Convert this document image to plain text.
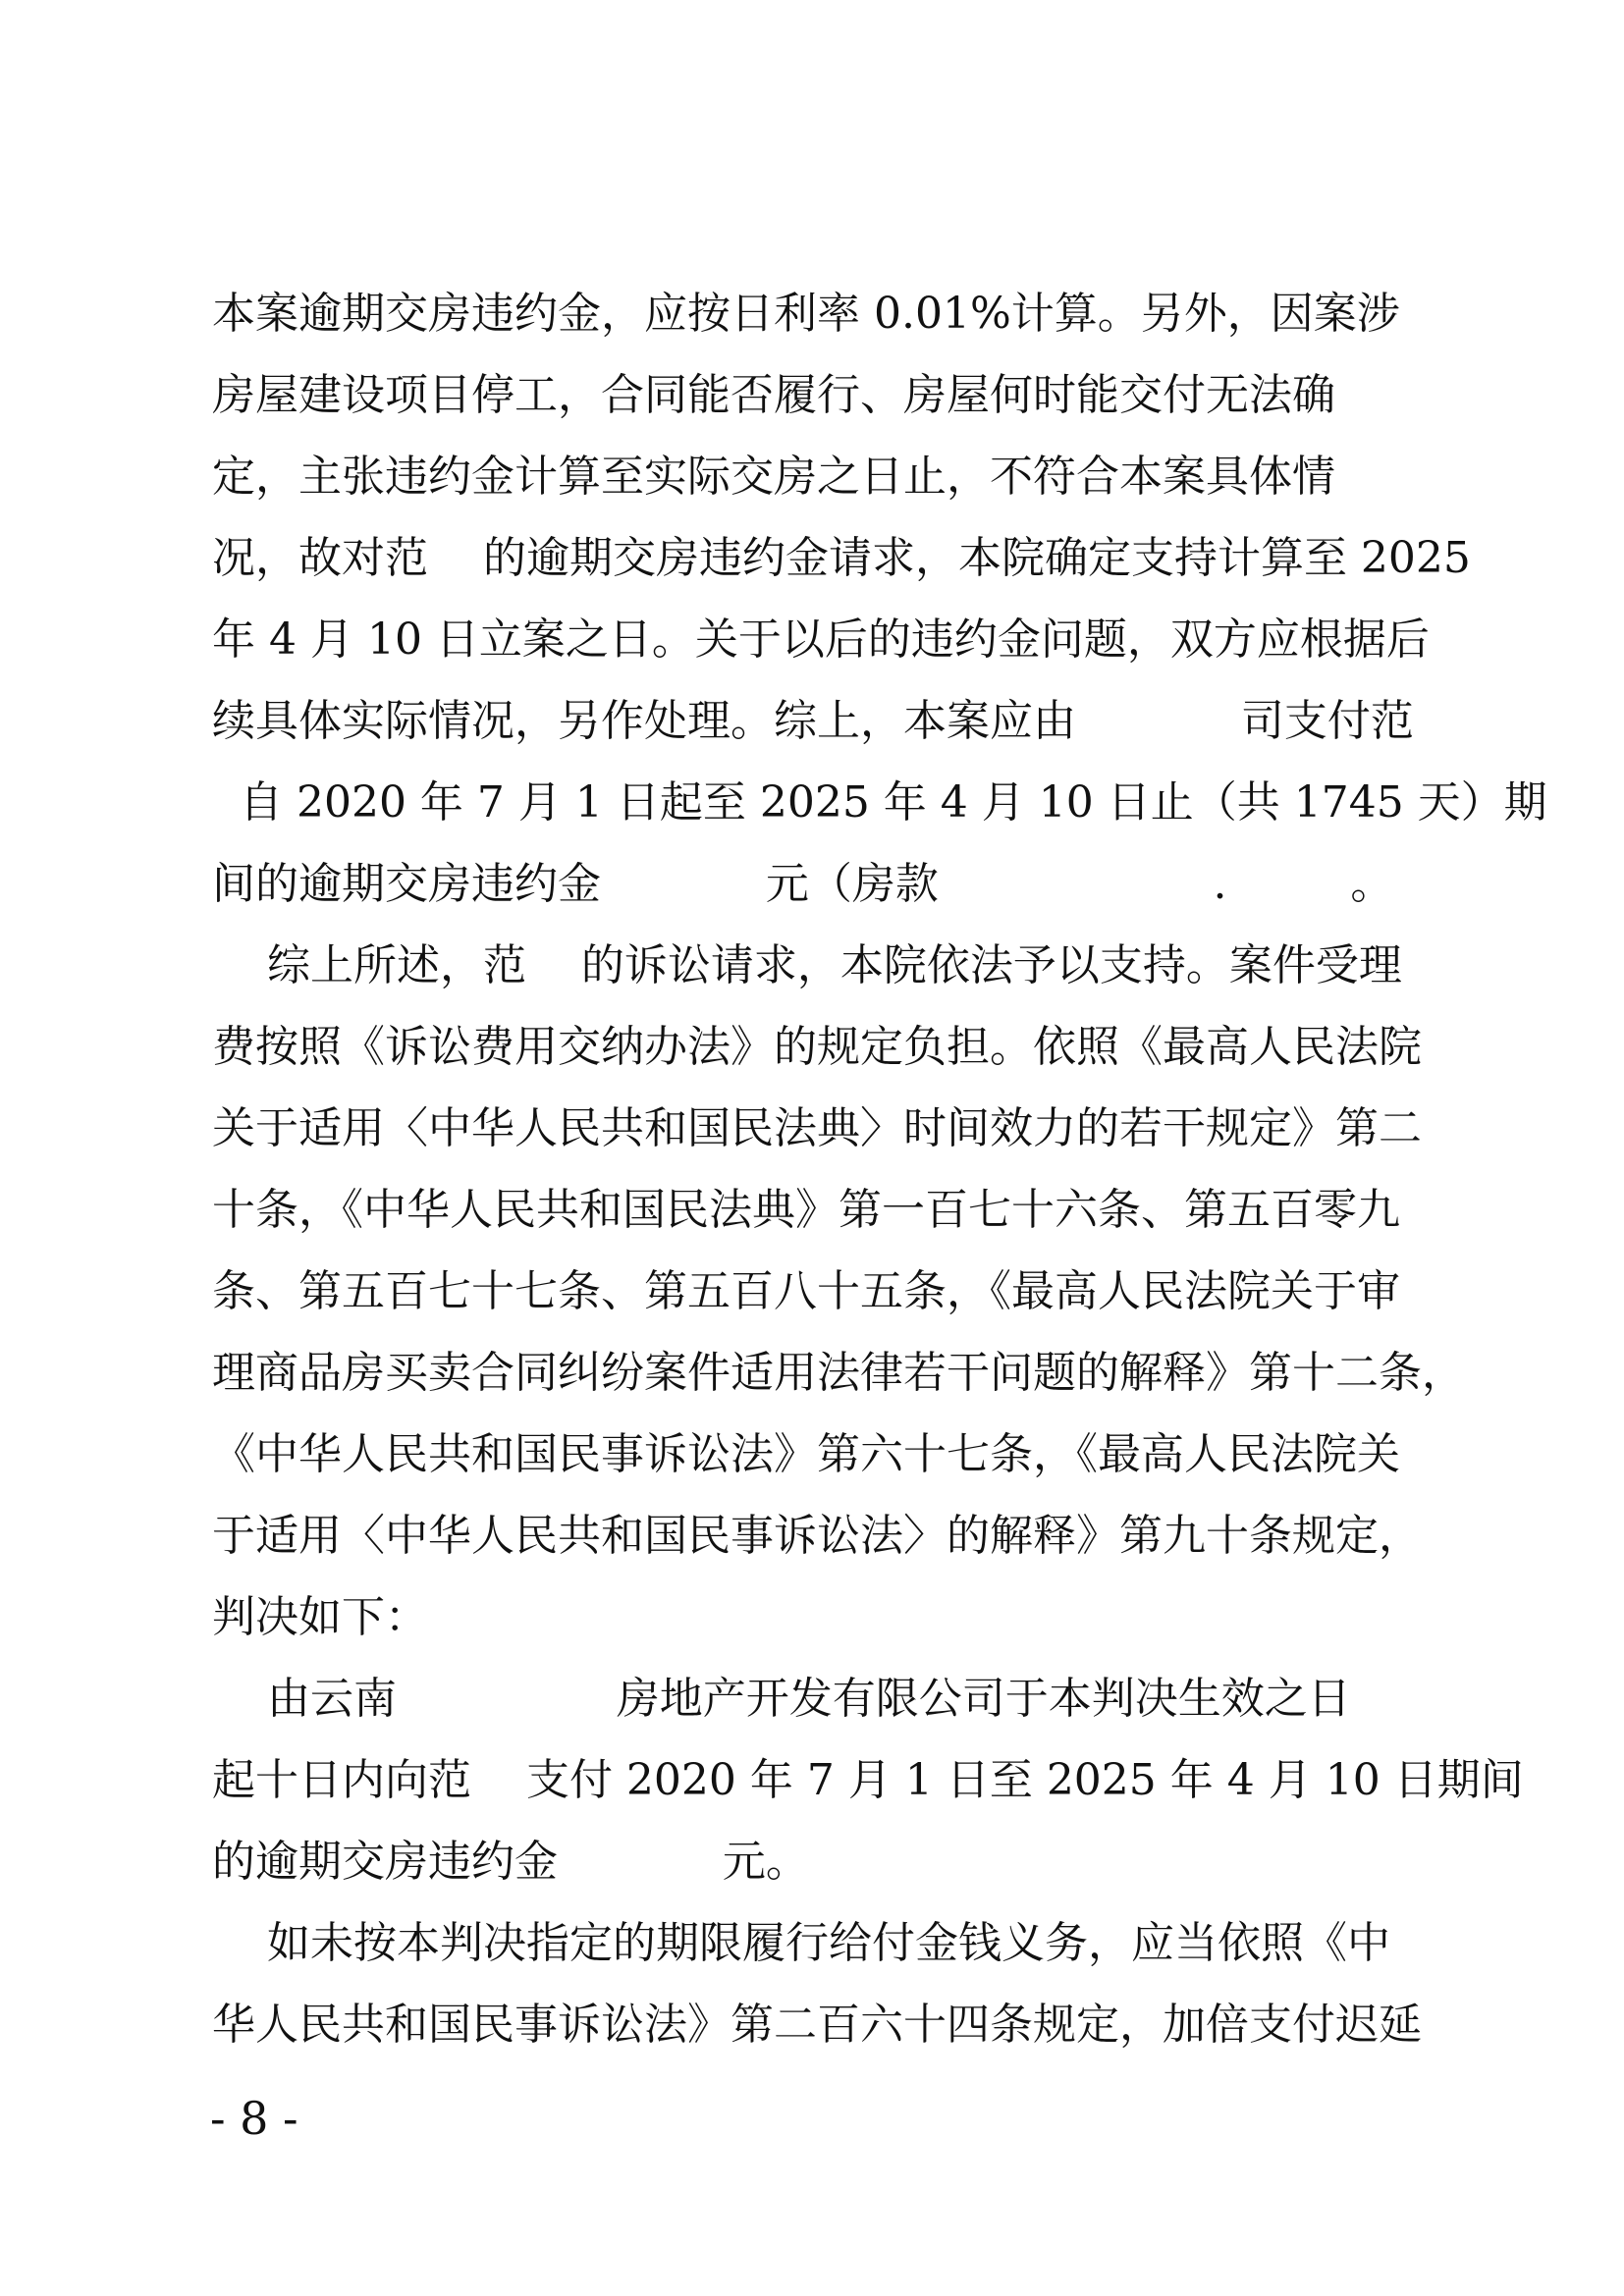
本案逾期交房违约金，应按日利率 0.01%计算。另外，因案涉
房屋建设项目停工，合同能否履行、房屋何时能交付无法确
定，主张违约金计算至实际交房之日止，不符合本案具体情
况，故对范    的逾期交房违约金请求，本院确定支持计算至 2025
年 4 月 10 日立案之日。关于以后的违约金问题，双方应根据后
续具体实际情况，另作处理。综上，本案应由            司支付范
自 2020 年 7 月 1 日起至 2025 年 4 月 10 日止（共 1745 天）期
间的逾期交房违约金            元（房款                    .         。
综上所述，范    的诉讼请求，本院依法予以支持。案件受理
费按照《诉讼费用交纳办法》的规定负担。依照《最高人民法院
关于适用〈中华人民共和国民法典〉时间效力的若干规定》第二
十条，《中华人民共和国民法典》第一百七十六条、第五百零九
条、第五百七十七条、第五百八十五条，《最高人民法院关于审
理商品房买卖合同纠纷案件适用法律若干问题的解释》第十二条，
《中华人民共和国民事诉讼法》第六十七条，《最高人民法院关
于适用〈中华人民共和国民事诉讼法〉的解释》第九十条规定，
判决如下：
由云南                房地产开发有限公司于本判决生效之日
起十日内向范    支付 2020 年 7 月 1 日至 2025 年 4 月 10 日期间
的逾期交房违约金            元。
如未按本判决指定的期限履行给付金钱义务，应当依照《中
华人民共和国民事诉讼法》第二百六十四条规定，加倍支付迟延
- 8 -
